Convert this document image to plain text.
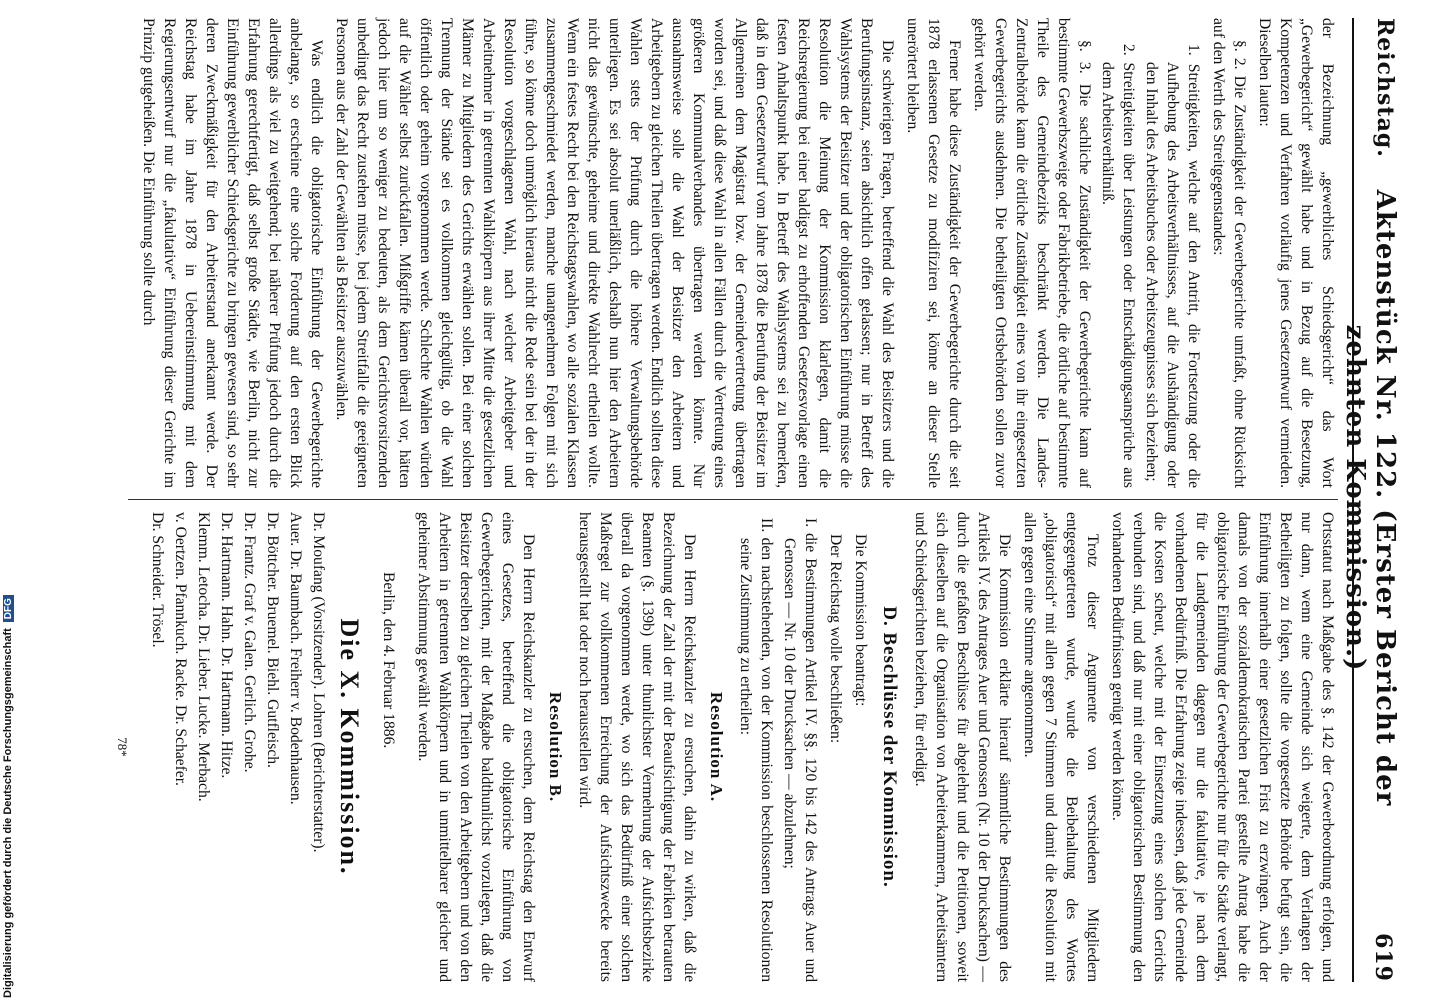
Digitalisierung gefördert durch die Deutsche ForschungsgemeinschaftDFG
Reichstag.
Aktenstück Nr. 122. (Erster Bericht der zehnten Kommission.)
619

der Bezeichnung „gewerbliches Schiedsgericht“ das Wort „Gewerbegericht“ gewählt habe und in Bezug auf die Besetzung, Kompetenzen und Verfahren vorläufig jenes Gesetzentwurf vermieden. Dieselben lauten:

§. 2. Die Zuständigkeit der Gewerbegerichte umfaßt, ohne Rücksicht auf den Werth des Streitgegenstandes:

1. Streitigkeiten, welche auf den Antritt, die Fortsetzung oder die Aufhebung des Arbeitsverhältnisses, auf die Aushändigung oder den Inhalt des Arbeitsbuches oder Arbeitszeugnisses sich beziehen;

2. Streitigkeiten über Leistungen oder Entschädigungsansprüche aus dem Arbeitsverhältniß.

§. 3. Die sachliche Zuständigkeit der Gewerbegerichte kann auf bestimmte Gewerbszweige oder Fabrikbetriebe, die örtliche auf bestimmte Theile des Gemeindebezirks beschränkt werden. Die Landes-Zentralbehörde kann die örtliche Zuständigkeit eines von ihr eingesetzten Gewerbegerichts ausdehnen. Die betheiligten Ortsbehörden sollen zuvor gehört werden.

Ferner habe diese Zuständigkeit der Gewerbegerichte durch die seit 1878 erlassenen Gesetze zu modifiziren sei, könne an dieser Stelle unerörtert bleiben.

Die schwierigen Fragen, betreffend die Wahl des Beisitzers und die Berufungsinstanz, seien absichtlich offen gelassen; nur in Betreff des Wahlsystems der Beisitzer und der obligatorischen Einführung müsse die Resolution die Meinung der Kommission klarlegen, damit die Reichsregierung bei einer baldigst zu erhoffenden Gesetzesvorlage einen festen Anhaltspunkt habe. In Betreff des Wahlsystems sei zu bemerken, daß in dem Gesetzentwurf vom Jahre 1878 die Berufung der Beisitzer im Allgemeinen dem Magistrat bzw. der Gemeindevertretung übertragen worden sei, und daß diese Wahl in allen Fällen durch die Vertretung eines größeren Kommunalverbandes übertragen werden könnte. Nur ausnahmsweise solle die Wahl der Beisitzer den Arbeitern und Arbeitgebern zu gleichen Theilen übertragen werden. Endlich sollten diese Wahlen stets der Prüfung durch die höhere Verwaltungsbehörde unterliegen. Es sei absolut unerläßlich, deshalb nun hier den Arbeitern nicht das gewünschte, geheime und direkte Wahlrecht ertheilen wollte. Wenn ein festes Recht bei den Reichstagswahlen, wo alle sozialen Klassen zusammengeschmiedet werden, manche unangenehmen Folgen mit sich führe, so könne doch unmöglich hieraus nicht die Rede sein bei der in der Resolution vorgeschlagenen Wahl, nach welcher Arbeitgeber und Arbeitnehmer in getrennten Wahlkörpern aus ihrer Mitte die gesetzlichen Männer zu Mitgliedern des Gerichts erwählen sollen. Bei einer solchen Trennung der Stände sei es vollkommen gleichgültig, ob die Wahl öffentlich oder geheim vorgenommen werde. Schlechte Wahlen würden auf die Wähler selbst zurückfallen. Mißgriffe kämen überall vor, hätten jedoch hier um so weniger zu bedeuten, als dem Gerichtsvorsitzenden unbedingt das Recht zustehen müsse, bei jedem Streitfalle die geeigneten Personen aus der Zahl der Gewählten als Beisitzer auszuwählen.

Was endlich die obligatorische Einführung der Gewerbegerichte anbelange, so erscheine eine solche Forderung auf den ersten Blick allerdings als viel zu weitgehend; bei näherer Prüfung jedoch durch die Erfahrung gerechtfertigt, daß selbst große Städte, wie Berlin, nicht zur Einführung gewerblicher Schiedsgerichte zu bringen gewesen sind, so sehr deren Zweckmäßigkeit für den Arbeiterstand anerkannt werde. Der Reichstag habe im Jahre 1878 in Uebereinstimmung mit dem Regierungsentwurf nur die „fakultative“ Einführung dieser Gerichte im Prinzip gutgeheißen. Die Einführung sollte durch

Ortsstatut nach Maßgabe des §. 142 der Gewerbeordnung erfolgen, und nur dann, wenn eine Gemeinde sich weigerte, dem Verlangen der Betheiligten zu folgen, sollte die vorgesetzte Behörde befugt sein, die Einführung innerhalb einer gesetzlichen Frist zu erzwingen. Auch der damals von der sozialdemokratischen Partei gestellte Antrag habe die obligatorische Einführung der Gewerbegerichte nur für die Städte verlangt, für die Landgemeinden dagegen nur die fakultative, je nach dem vorhandenen Bedürfniß. Die Erfahrung zeige indessen, daß jede Gemeinde die Kosten scheut, welche mit der Einsetzung eines solchen Gerichts verbunden sind, und daß nur mit einer obligatorischen Bestimmung den vorhandenen Bedürfnissen genügt werden könne.

Trotz dieser Argumente von verschiedenen Mitgliedern entgegengetreten wurde, wurde die Beibehaltung des Wortes „obligatorisch“ mit allen gegen 7 Stimmen und damit die Resolution mit allen gegen eine Stimme angenommen.

Die Kommission erklärte hierauf sämmtliche Bestimmungen des Artikels IV. des Antrages Auer und Genossen (Nr. 10 der Drucksachen) — durch die gefaßten Beschlüsse für abgelehnt und die Petitionen, soweit sich dieselben auf die Organisation von Arbeiterkammern, Arbeitsämtern und Schiedsgerichten beziehen, für erledigt.

D. Beschlüsse der Kommission.

Die Kommission beantragt:

Der Reichstag wolle beschließen:

I. die Bestimmungen Artikel IV. §§. 120 bis 142 des Antrags Auer und Genossen — Nr. 10 der Drucksachen — abzulehnen;

II. den nachstehenden, von der Kommission beschlossenen Resolutionen seine Zustimmung zu ertheilen:

Resolution A.

Den Herrn Reichskanzler zu ersuchen, dahin zu wirken, daß die Bezeichnung der Zahl der mit der Beaufsichtigung der Fabriken betrauten Beamten (§. 139b) unter thunlichster Vermehrung der Aufsichtsbezirke überall da vorgenommen werde, wo sich das Bedürfniß einer solchen Maßregel zur vollkommenen Erreichung der Aufsichtszwecke bereits herausgestellt hat oder noch herausstellen wird.

Resolution B.

Den Herrn Reichskanzler zu ersuchen, dem Reichstag den Entwurf eines Gesetzes, betreffend die obligatorische Einführung von Gewerbegerichten, mit der Maßgabe baldthunlichst vorzulegen, daß die Beisitzer derselben zu gleichen Theilen von den Arbeitgebern und von den Arbeitern in getrennten Wahlkörpern und in unmittelbarer gleicher und geheimer Abstimmung gewählt werden.

Berlin, den 4. Februar 1886.

Die X. Kommission.
Dr. Moufang (Vorsitzender). Lohren (Berichterstatter).
Auer. Dr. Baumbach. Freiherr v. Bodenhausen.
Dr. Böttcher. Bruemel. Biehl. Gutfleisch.
Dr. Frantz. Graf v. Galen. Gerlich. Grohe.
Dr. Hartmann. Hahn. Dr. Hartmann. Hitze.
Klemm. Letocha. Dr. Lieber. Lucke. Merbach.
v. Oertzen. Pfannkuch. Racke. Dr. Schaefer.
Dr. Schneider. Trösel.
78*
